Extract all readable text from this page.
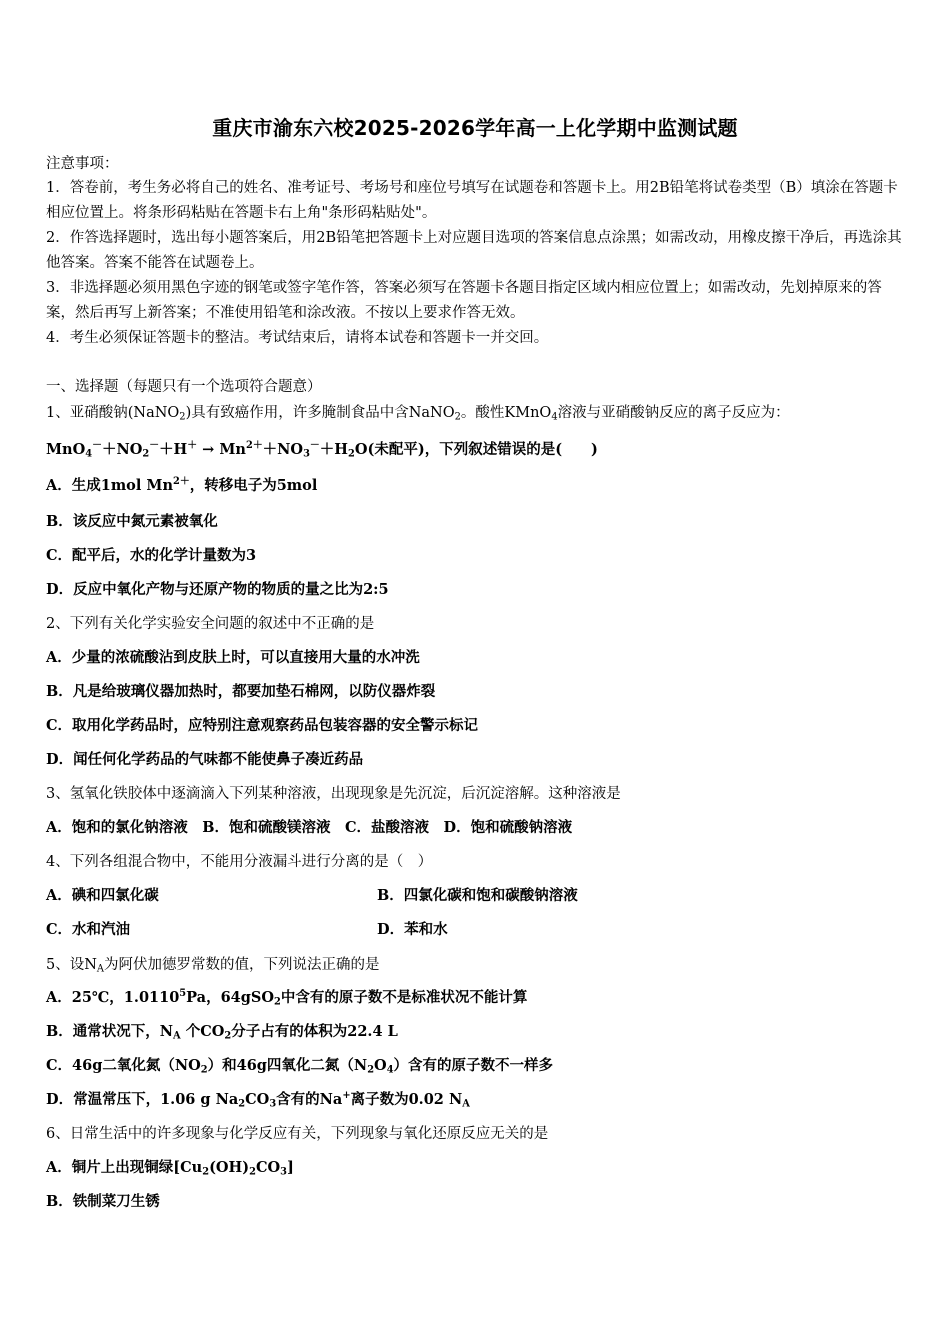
重庆市渝东六校2025-2026学年高一上化学期中监测试题
注意事项：

1．答卷前，考生务必将自己的姓名、准考证号、考场号和座位号填写在试题卷和答题卡上。用2B铅笔将试卷类型（B）填涂在答题卡相应位置上。将条形码粘贴在答题卡右上角"条形码粘贴处"。

2．作答选择题时，选出每小题答案后，用2B铅笔把答题卡上对应题目选项的答案信息点涂黑；如需改动，用橡皮擦干净后，再选涂其他答案。答案不能答在试题卷上。

3．非选择题必须用黑色字迹的钢笔或签字笔作答，答案必须写在答题卡各题目指定区域内相应位置上；如需改动，先划掉原来的答案，然后再写上新答案；不准使用铅笔和涂改液。不按以上要求作答无效。

4．考生必须保证答题卡的整洁。考试结束后，请将本试卷和答题卡一并交回。

一、选择题（每题只有一个选项符合题意）
1、亚硝酸钠(NaNO$_2$)具有致癌作用，许多腌制食品中含NaNO$_2$。酸性KMnO$_4$溶液与亚硝酸钠反应的离子反应为：
$MnO_4^-+NO_2^-+H^+ \to Mn^{2+}+NO_3^-+H_2O$(未配平)，下列叙述错误的是(　　)
A．生成1mol $Mn^{2+}$，转移电子为5mol
B．该反应中氮元素被氧化
C．配平后，水的化学计量数为3
D．反应中氧化产物与还原产物的物质的量之比为2:5
2、下列有关化学实验安全问题的叙述中不正确的是
A．少量的浓硫酸沾到皮肤上时，可以直接用大量的水冲洗
B．凡是给玻璃仪器加热时，都要加垫石棉网，以防仪器炸裂
C．取用化学药品时，应特别注意观察药品包装容器的安全警示标记
D．闻任何化学药品的气味都不能使鼻子凑近药品
3、氢氧化铁胶体中逐滴滴入下列某种溶液，出现现象是先沉淀，后沉淀溶解。这种溶液是
A．饱和的氯化钠溶液　B．饱和硫酸镁溶液　C．盐酸溶液　D．饱和硫酸钠溶液
4、下列各组混合物中，不能用分液漏斗进行分离的是（　）
A．碘和四氯化碳	B．四氯化碳和饱和碳酸钠溶液
C．水和汽油	D．苯和水
5、设$N_A$为阿伏加德罗常数的值，下列说法正确的是
A．25℃，1.0110$^5$Pa，64gSO$_2$中含有的原子数不是标准状况不能计算
B．通常状况下，$N_A$ 个$CO_2$分子占有的体积为22.4 L
C．46g二氧化氮$(NO_2)$和46g四氧化二氮$(N_2O_4)$含有的原子数不一样多
D．常温常压下，1.06 g $Na_2CO_3$含有的Na+离子数为0.02 $N_A$
6、日常生活中的许多现象与化学反应有关，下列现象与氧化还原反应无关的是
A．铜片上出现铜绿$[Cu_2(OH)_2CO_3]$
B．铁制菜刀生锈
